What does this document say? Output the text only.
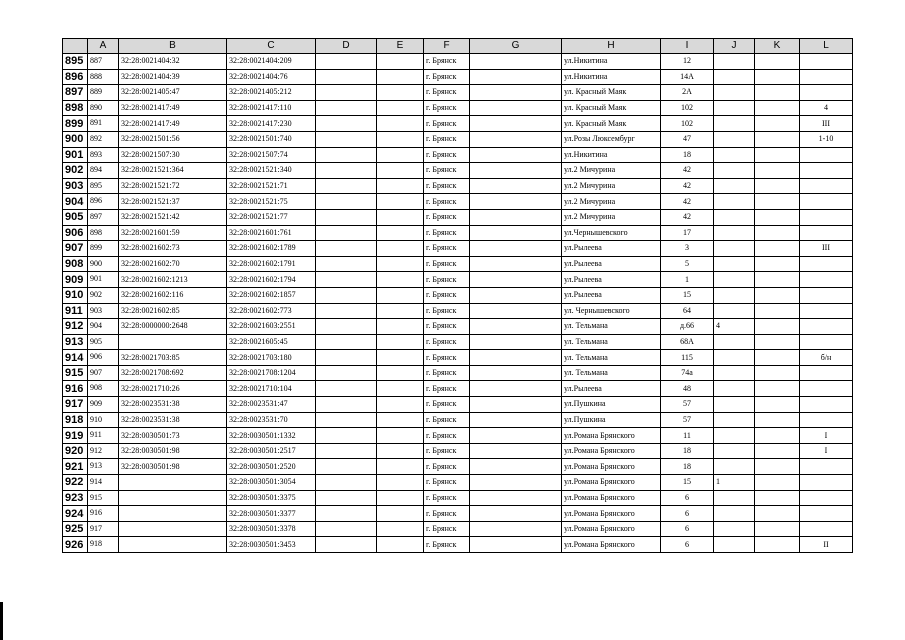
	A	B	C	D	E	F	G	H	I	J	K	L
895	887	32:28:0021404:32	32:28:0021404:209			г. Брянск		ул.Никитина	12			
896	888	32:28:0021404:39	32:28:0021404:76			г. Брянск		ул.Никитина	14А			
897	889	32:28:0021405:47	32:28:0021405:212			г. Брянск		ул. Красный Маяк	2А			
898	890	32:28:0021417:49	32:28:0021417:110			г. Брянск		ул. Красный Маяк	102			4
899	891	32:28:0021417:49	32:28:0021417:230			г. Брянск		ул. Красный Маяк	102			III
900	892	32:28:0021501:56	32:28:0021501:740			г. Брянск		ул.Розы Люксембург	47			1-10
901	893	32:28:0021507:30	32:28:0021507:74			г. Брянск		ул.Никитина	18			
902	894	32:28:0021521:364	32:28:0021521:340			г. Брянск		ул.2 Мичурина	42			
903	895	32:28:0021521:72	32:28:0021521:71			г. Брянск		ул.2 Мичурина	42			
904	896	32:28:0021521:37	32:28:0021521:75			г. Брянск		ул.2 Мичурина	42			
905	897	32:28:0021521:42	32:28:0021521:77			г. Брянск		ул.2 Мичурина	42			
906	898	32:28:0021601:59	32:28:0021601:761			г. Брянск		ул.Чернышевского	17			
907	899	32:28:0021602:73	32:28:0021602:1789			г. Брянск		ул.Рылеева	3			III
908	900	32:28:0021602:70	32:28:0021602:1791			г. Брянск		ул.Рылеева	5			
909	901	32:28:0021602:1213	32:28:0021602:1794			г. Брянск		ул.Рылеева	1			
910	902	32:28:0021602:116	32:28:0021602:1857			г. Брянск		ул.Рылеева	15			
911	903	32:28:0021602:85	32:28:0021602:773			г. Брянск		ул. Чернышевского	64			
912	904	32:28:0000000:2648	32:28:0021603:2551			г. Брянск		ул. Тельмана	д.66	4		
913	905		32:28:0021605:45			г. Брянск		ул. Тельмана	68А			
914	906	32:28:0021703:85	32:28:0021703:180			г. Брянск		ул. Тельмана	115			б/н
915	907	32:28:0021708:692	32:28:0021708:1204			г. Брянск		ул. Тельмана	74а			
916	908	32:28:0021710:26	32:28:0021710:104			г. Брянск		ул.Рылеева	48			
917	909	32:28:0023531:38	32:28:0023531:47			г. Брянск		ул.Пушкина	57			
918	910	32:28:0023531:38	32:28:0023531:70			г. Брянск		ул.Пушкина	57			
919	911	32:28:0030501:73	32:28:0030501:1332			г. Брянск		ул.Романа Брянского	11			I
920	912	32:28:0030501:98	32:28:0030501:2517			г. Брянск		ул.Романа Брянского	18			I
921	913	32:28:0030501:98	32:28:0030501:2520			г. Брянск		ул.Романа Брянского	18			
922	914		32:28:0030501:3054			г. Брянск		ул.Романа Брянского	15	1		
923	915		32:28:0030501:3375			г. Брянск		ул.Романа Брянского	6			
924	916		32:28:0030501:3377			г. Брянск		ул.Романа Брянского	6			
925	917		32:28:0030501:3378			г. Брянск		ул.Романа Брянского	6			
926	918		32:28:0030501:3453			г. Брянск		ул.Романа Брянского	6			II
